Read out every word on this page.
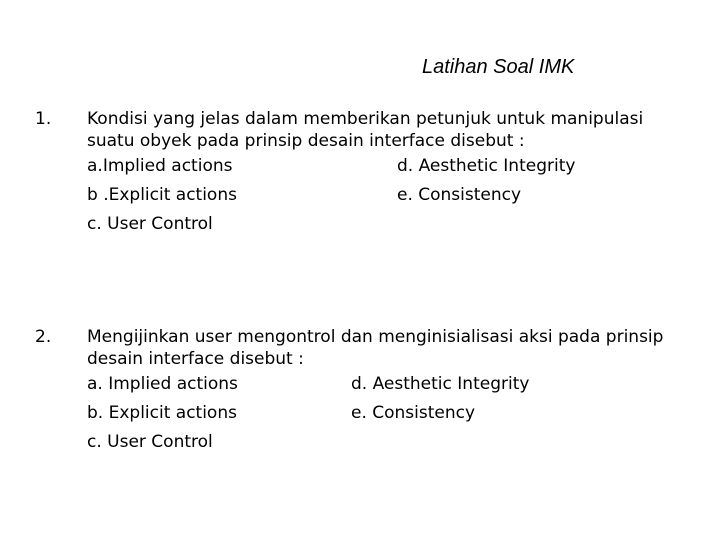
Latihan Soal IMK
1. Kondisi yang jelas dalam memberikan petunjuk untuk manipulasi suatu obyek pada prinsip desain interface disebut :

a.Implied actions	d. Aesthetic Integrity
b .Explicit actions	e. Consistency
c. User Control
2. Mengijinkan user mengontrol dan menginisialisasi aksi pada prinsip desain interface disebut :

a. Implied actions	d. Aesthetic Integrity
b. Explicit actions	e. Consistency
c. User Control
